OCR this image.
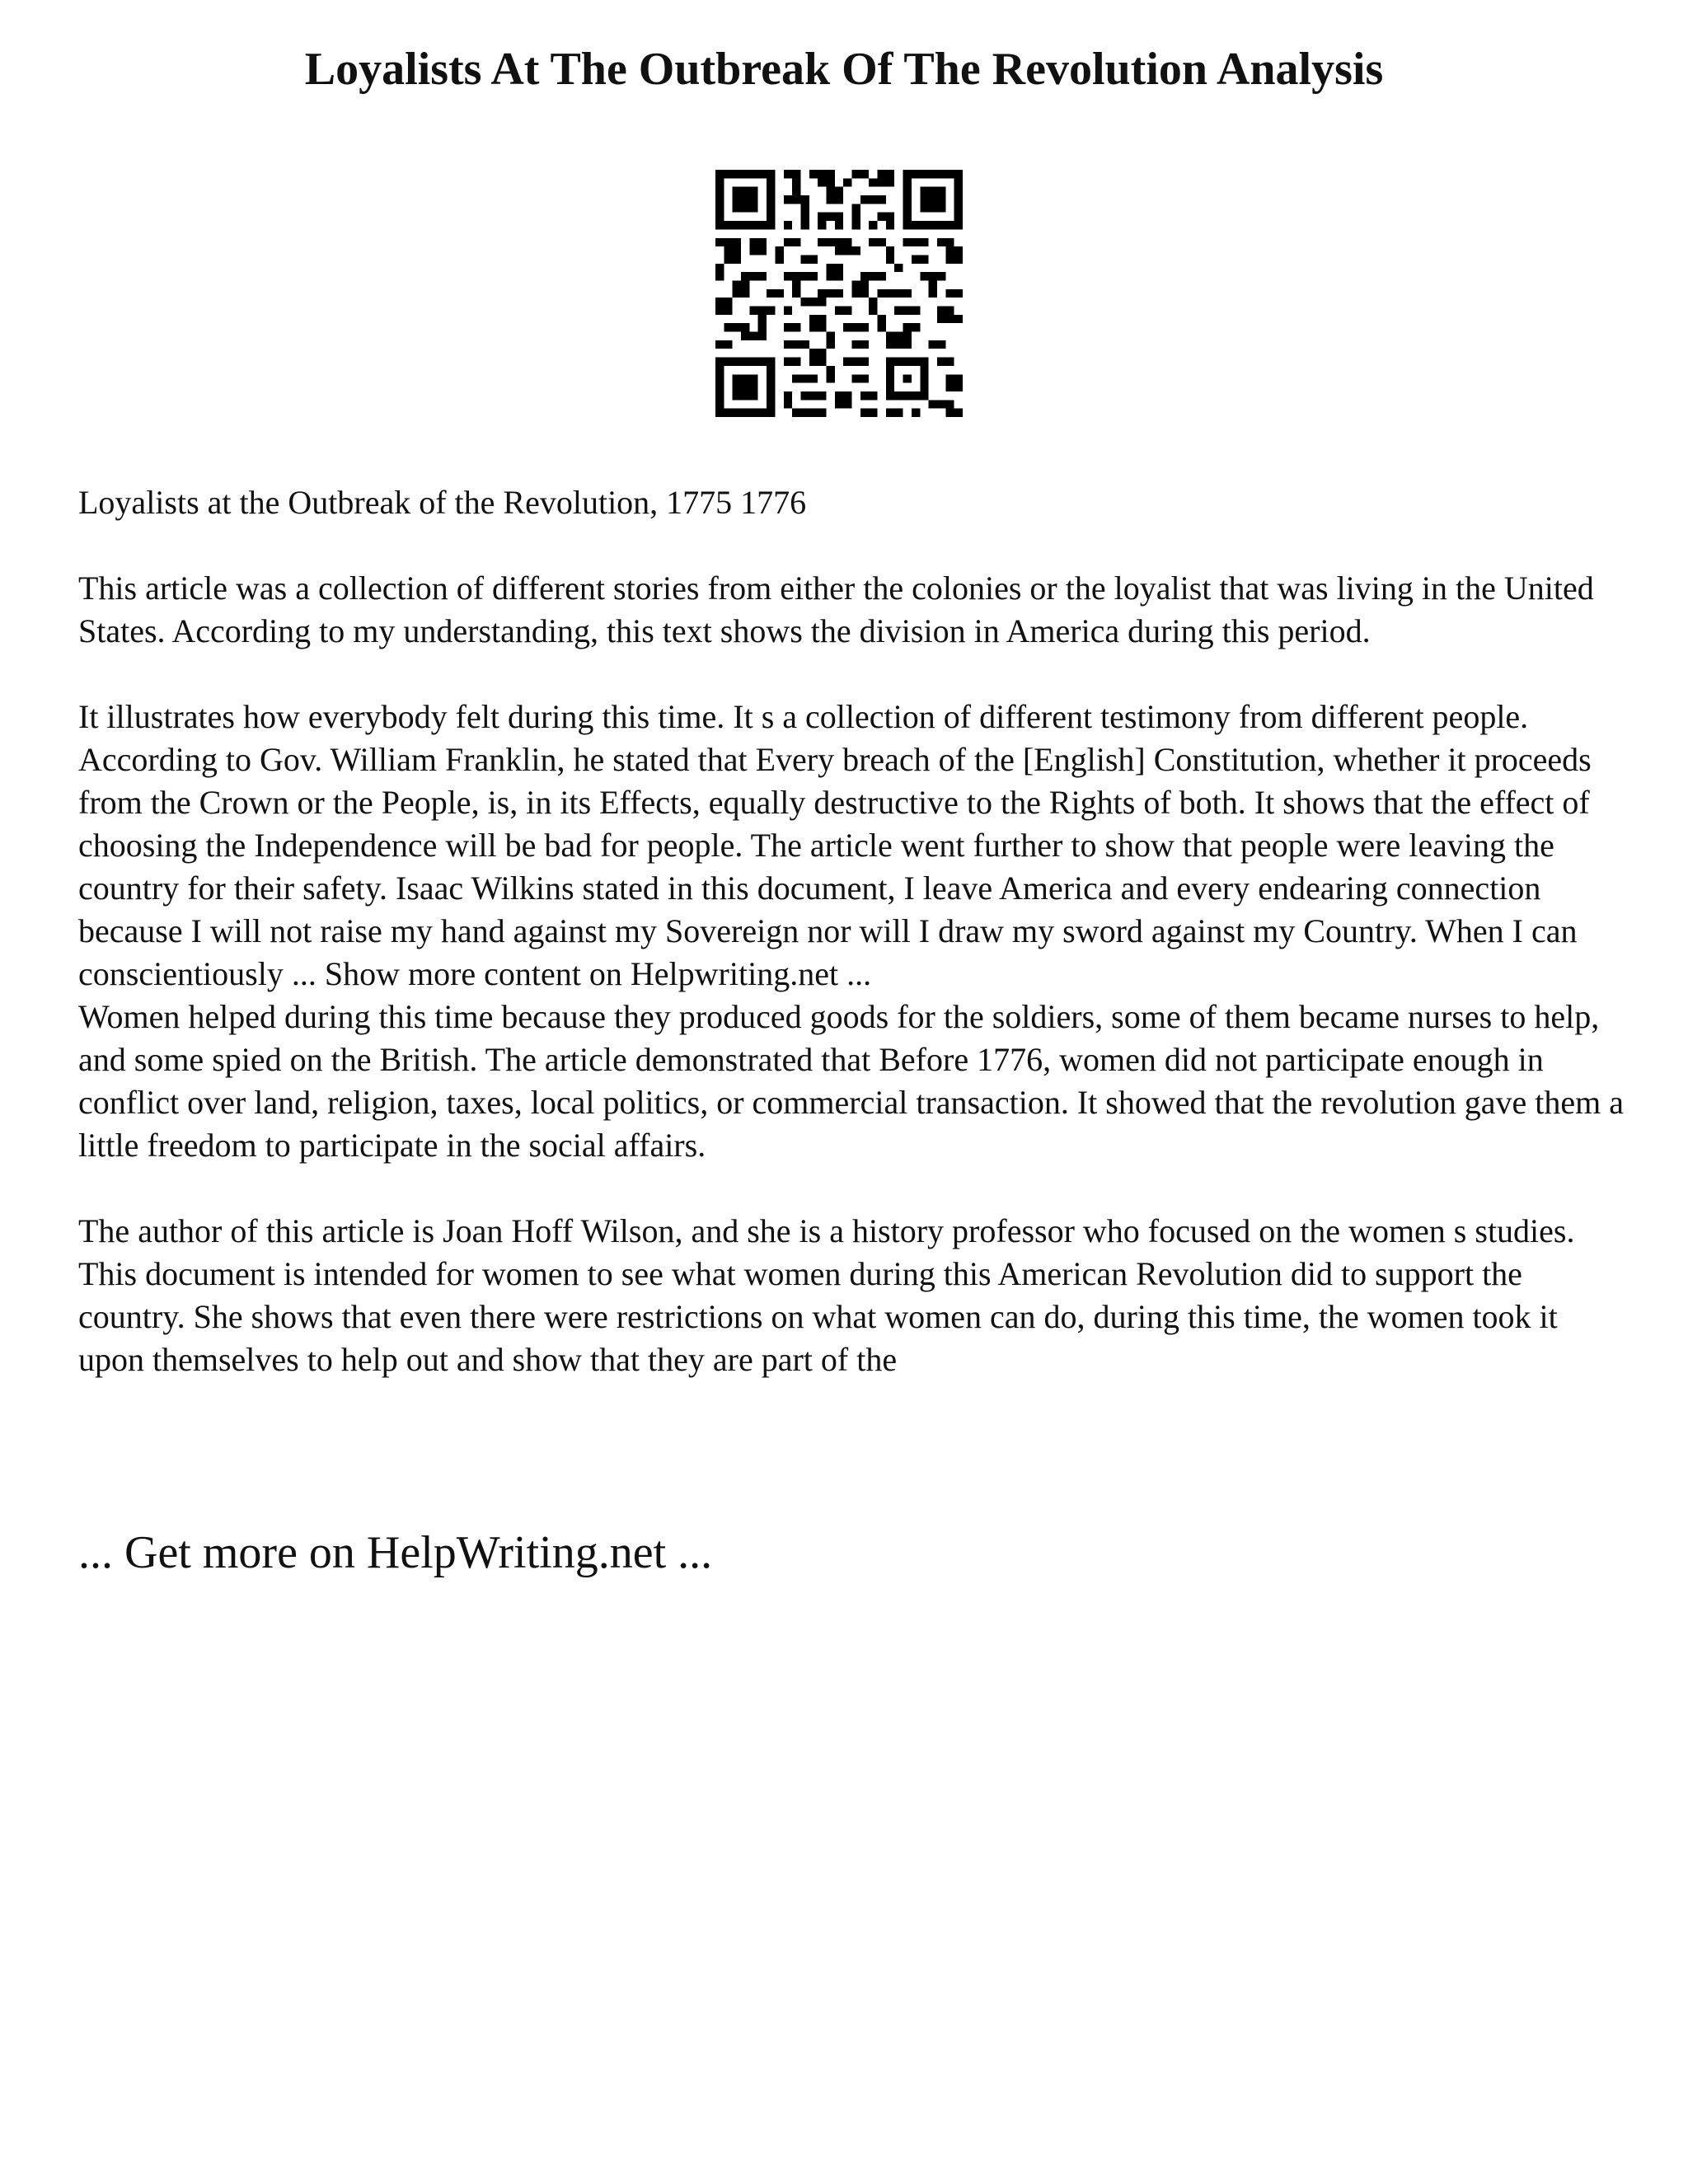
Loyalists At The Outbreak Of The Revolution Analysis

Loyalists at the Outbreak of the Revolution, 1775 1776

This article was a collection of different stories from either the colonies or the loyalist that was living in the United States. According to my understanding, this text shows the division in America during this period.

It illustrates how everybody felt during this time. It s a collection of different testimony from different people. According to Gov. William Franklin, he stated that Every breach of the [English] Constitution, whether it proceeds from the Crown or the People, is, in its Effects, equally destructive to the Rights of both. It shows that the effect of choosing the Independence will be bad for people. The article went further to show that people were leaving the country for their safety. Isaac Wilkins stated in this document, I leave America and every endearing connection because I will not raise my hand against my Sovereign nor will I draw my sword against my Country. When I can conscientiously ... Show more content on Helpwriting.net ...

Women helped during this time because they produced goods for the soldiers, some of them became nurses to help, and some spied on the British. The article demonstrated that Before 1776, women did not participate enough in conflict over land, religion, taxes, local politics, or commercial transaction. It showed that the revolution gave them a little freedom to participate in the social affairs.

The author of this article is Joan Hoff Wilson, and she is a history professor who focused on the women s studies. This document is intended for women to see what women during this American Revolution did to support the country. She shows that even there were restrictions on what women can do, during this time, the women took it upon themselves to help out and show that they are part of the

... Get more on HelpWriting.net ...
